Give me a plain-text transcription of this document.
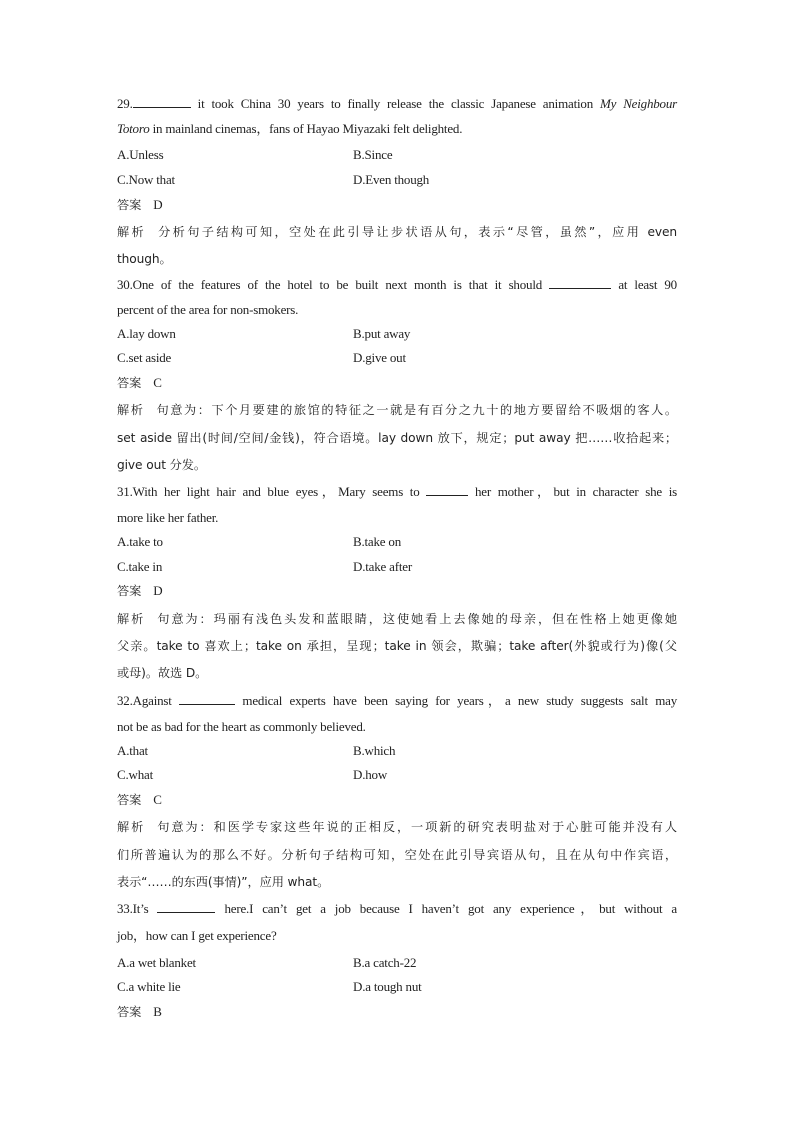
29.	it took China 30 years to finally release the classic Japanese animation My Neighbour
Totoro in mainland cinemas，fans of Hayao Miyazaki felt delighted.
A.Unless	B.Since
C.Now that	D.Even though
答案 D
解析 分析句子结构可知，空处在此引导让步状语从句，表示“尽管，虽然”，应用 even
though。
30.One of the features of the hotel to be built next month is that it should	at least 90
percent of the area for non-smokers.
A.lay down	B.put away
C.set aside	D.give out
答案 C
解析 句意为：下个月要建的旅馆的特征之一就是有百分之九十的地方要留给不吸烟的客人。
set aside 留出(时间/空间/金钱)，符合语境。lay down 放下，规定；put away 把……收拾起来；
give out 分发。
31.With her light hair and blue eyes，Mary seems to	her mother，but in character she is
more like her father.
A.take to	B.take on
C.take in	D.take after
答案 D
解析 句意为：玛丽有浅色头发和蓝眼睛，这使她看上去像她的母亲，但在性格上她更像她
父亲。take to 喜欢上；take on 承担，呈现；take in 领会，欺骗；take after(外貌或行为)像(父
或母)。故选 D。
32.Against	medical experts have been saying for years，a new study suggests salt may
not be as bad for the heart as commonly believed.
A.that	B.which
C.what	D.how
答案 C
解析 句意为：和医学专家这些年说的正相反，一项新的研究表明盐对于心脏可能并没有人
们所普遍认为的那么不好。分析句子结构可知，空处在此引导宾语从句，且在从句中作宾语，
表示“……的东西(事情)”，应用 what。
33.It’s	here.I can’t get a job because I haven’t got any experience，but without a
job，how can I get experience?
A.a wet blanket	B.a catch-22
C.a white lie	D.a tough nut
答案 B
